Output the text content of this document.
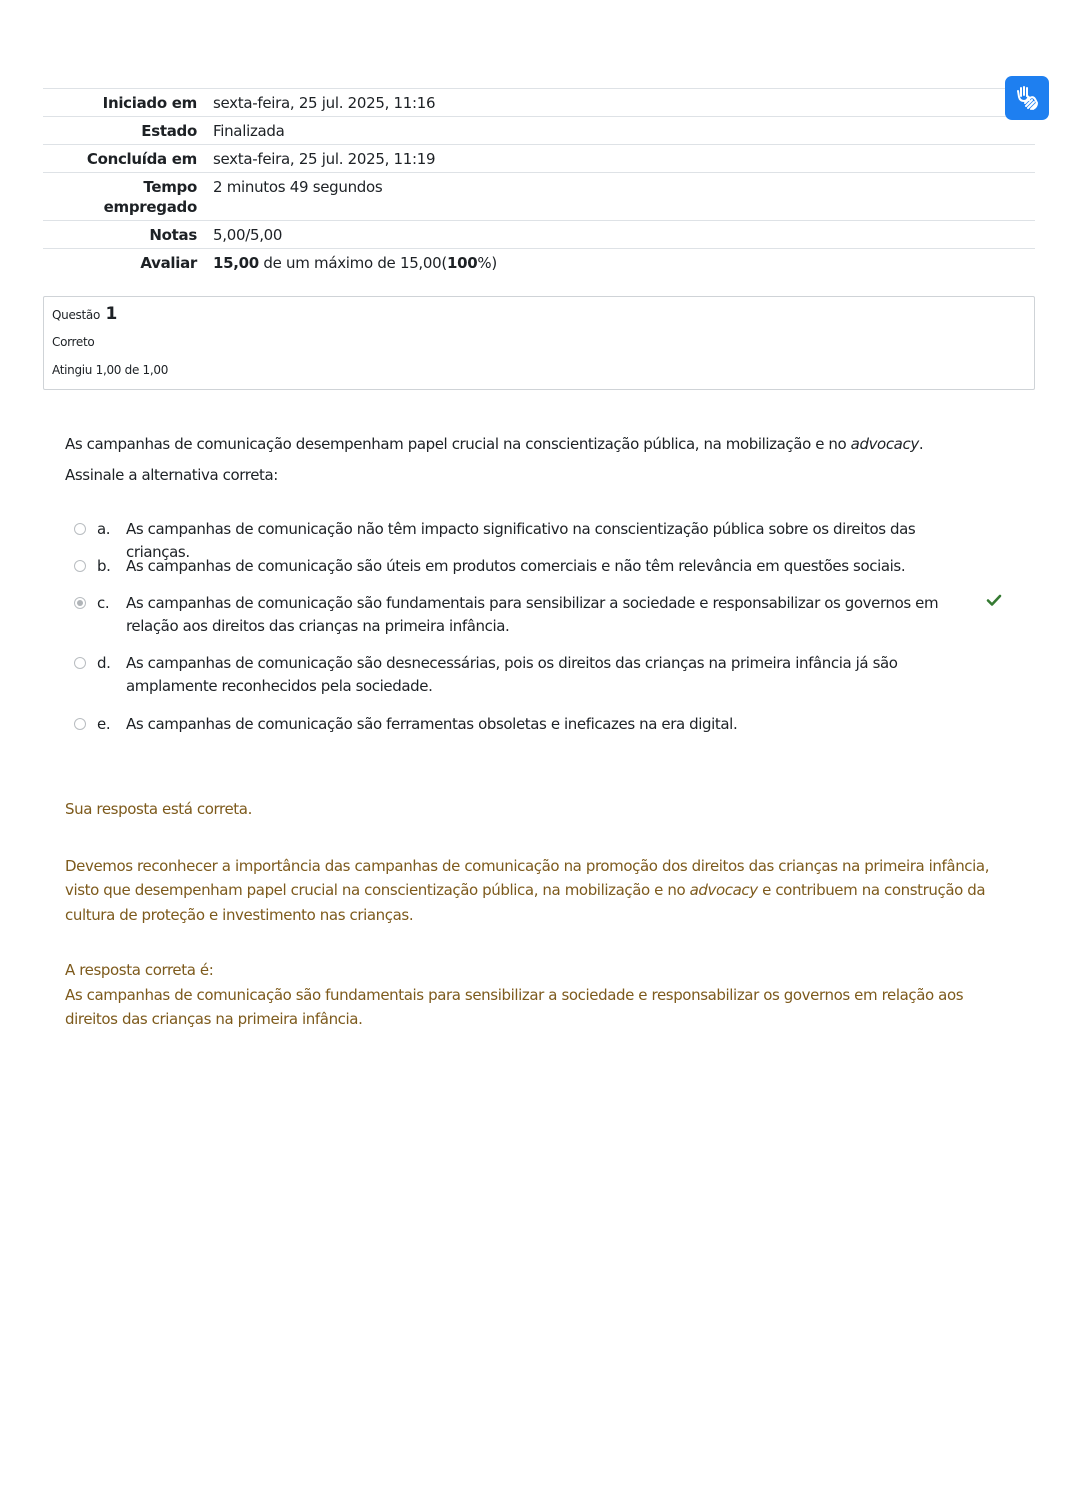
Iniciado em	sexta-feira, 25 jul. 2025, 11:16
Estado	Finalizada
Concluída em	sexta-feira, 25 jul. 2025, 11:19
Tempo
empregado	2 minutos 49 segundos
Notas	5,00/5,00
Avaliar	15,00 de um máximo de 15,00(100%)
Questão 1
Correto
Atingiu 1,00 de 1,00

As campanhas de comunicação desempenham papel crucial na conscientização pública, na mobilização e no advocacy.

Assinale a alternativa correta:

a. As campanhas de comunicação não têm impacto significativo na conscientização pública sobre os direitos das crianças.
b. As campanhas de comunicação são úteis em produtos comerciais e não têm relevância em questões sociais.
c. As campanhas de comunicação são fundamentais para sensibilizar a sociedade e responsabilizar os governos em relação aos direitos das crianças na primeira infância.
d. As campanhas de comunicação são desnecessárias, pois os direitos das crianças na primeira infância já são amplamente reconhecidos pela sociedade.
e. As campanhas de comunicação são ferramentas obsoletas e ineficazes na era digital.

Sua resposta está correta.

Devemos reconhecer a importância das campanhas de comunicação na promoção dos direitos das crianças na primeira infância, visto que desempenham papel crucial na conscientização pública, na mobilização e no advocacy e contribuem na construção da cultura de proteção e investimento nas crianças.

A resposta correta é:

As campanhas de comunicação são fundamentais para sensibilizar a sociedade e responsabilizar os governos em relação aos direitos das crianças na primeira infância.
